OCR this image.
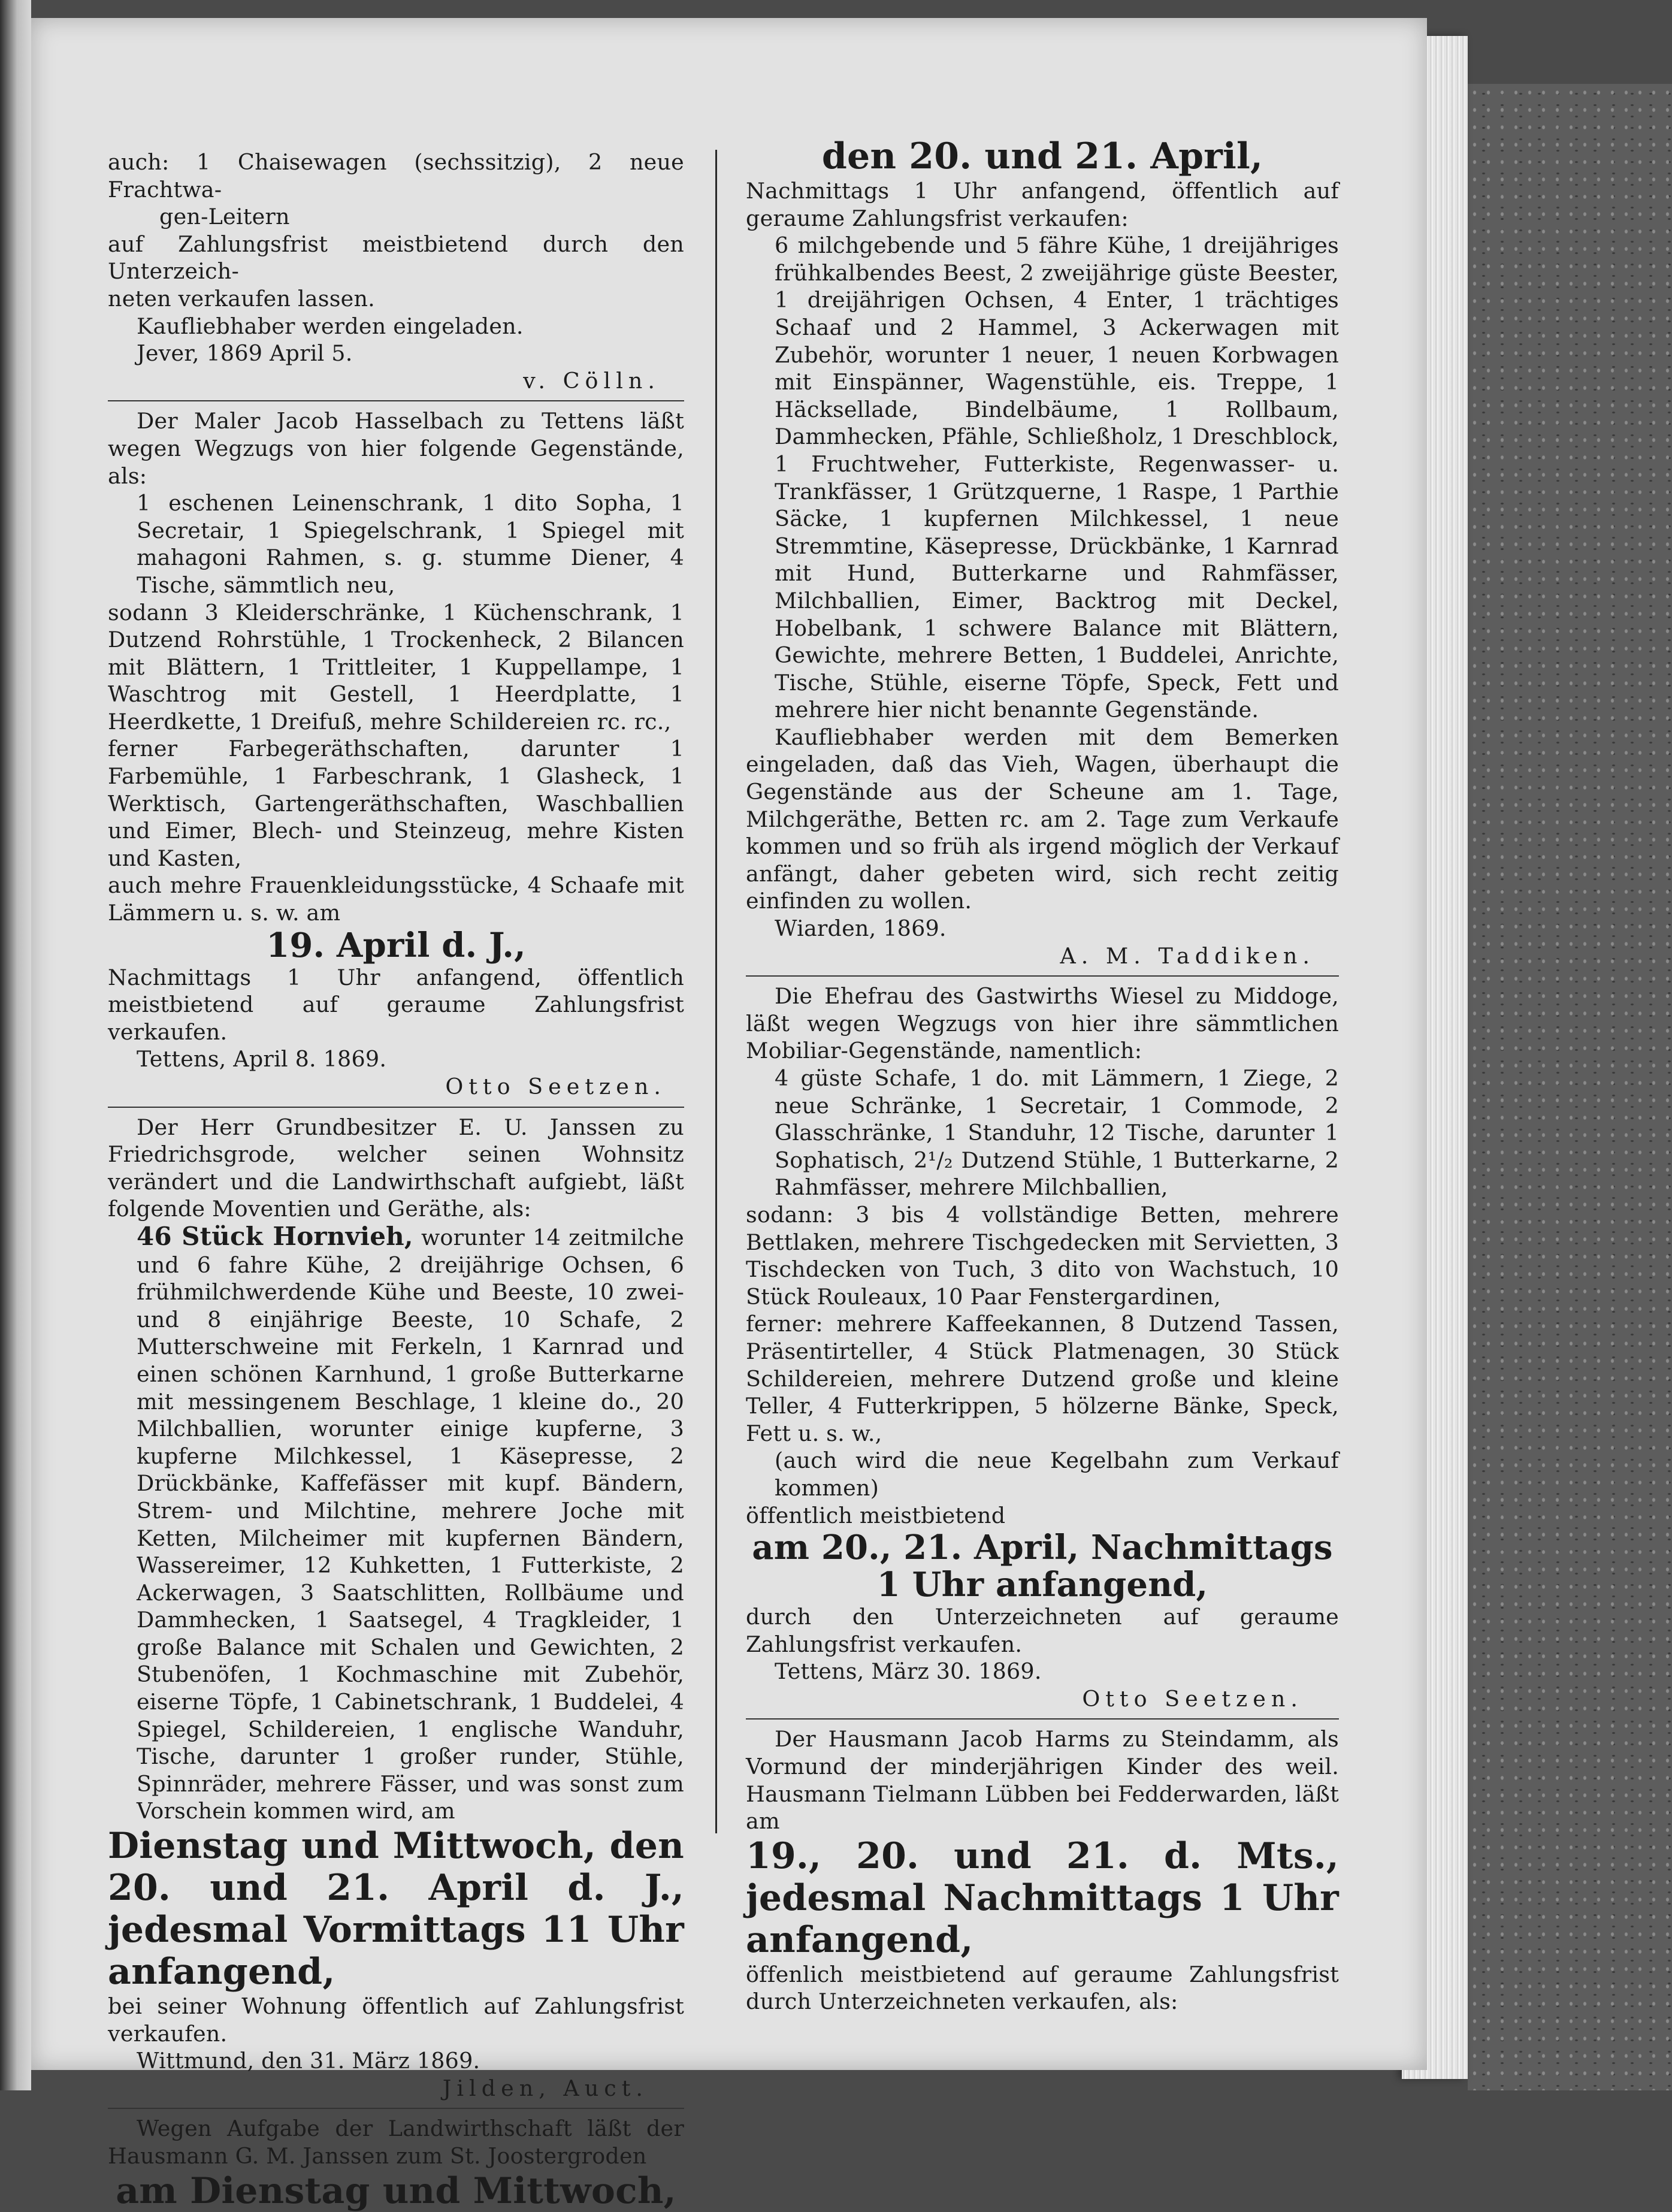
auch: 1 Chaisewagen (sechssitzig), 2 neue Frachtwa-

gen-Leitern

auf Zahlungsfrist meistbietend durch den Unterzeich-

neten verkaufen lassen.

Kaufliebhaber werden eingeladen.

Jever, 1869 April 5.

v. Cölln.

Der Maler Jacob Hasselbach zu Tettens läßt wegen Wegzugs von hier folgende Gegenstände, als:

1 eschenen Leinenschrank, 1 dito Sopha, 1 Secretair, 1 Spiegelschrank, 1 Spiegel mit mahagoni Rahmen, s. g. stumme Diener, 4 Tische, sämmtlich neu,

sodann 3 Kleiderschränke, 1 Küchenschrank, 1 Dutzend Rohrstühle, 1 Trockenheck, 2 Bilancen mit Blättern, 1 Trittleiter, 1 Kuppellampe, 1 Waschtrog mit Gestell, 1 Heerdplatte, 1 Heerdkette, 1 Dreifuß, mehre Schildereien rc. rc.,

ferner Farbegeräthschaften, darunter 1 Farbemühle, 1 Farbeschrank, 1 Glasheck, 1 Werktisch, Gartengeräthschaften, Waschballien und Eimer, Blech- und Steinzeug, mehre Kisten und Kasten,

auch mehre Frauenkleidungsstücke, 4 Schaafe mit Lämmern u. s. w. am

19. April d. J.,

Nachmittags 1 Uhr anfangend, öffentlich meistbietend auf geraume Zahlungsfrist verkaufen.

Tettens, April 8. 1869.

Otto Seetzen.

Der Herr Grundbesitzer E. U. Janssen zu Friedrichsgrode, welcher seinen Wohnsitz verändert und die Landwirthschaft aufgiebt, läßt folgende Moventien und Geräthe, als:

46 Stück Hornvieh, worunter 14 zeitmilche und 6 fahre Kühe, 2 dreijährige Ochsen, 6 frühmilchwerdende Kühe und Beeste, 10 zwei- und 8 einjährige Beeste, 10 Schafe, 2 Mutterschweine mit Ferkeln, 1 Karnrad und einen schönen Karnhund, 1 große Butterkarne mit messingenem Beschlage, 1 kleine do., 20 Milchballien, worunter einige kupferne, 3 kupferne Milchkessel, 1 Käsepresse, 2 Drückbänke, Kaffefässer mit kupf. Bändern, Strem- und Milchtine, mehrere Joche mit Ketten, Milcheimer mit kupfernen Bändern, Wassereimer, 12 Kuhketten, 1 Futterkiste, 2 Ackerwagen, 3 Saatschlitten, Rollbäume und Dammhecken, 1 Saatsegel, 4 Tragkleider, 1 große Balance mit Schalen und Gewichten, 2 Stubenöfen, 1 Kochmaschine mit Zubehör, eiserne Töpfe, 1 Cabinetschrank, 1 Buddelei, 4 Spiegel, Schildereien, 1 englische Wanduhr, Tische, darunter 1 großer runder, Stühle, Spinnräder, mehrere Fässer, und was sonst zum Vorschein kommen wird, am

Dienstag und Mittwoch, den 20. und 21. April d. J., jedesmal Vormittags 11 Uhr anfangend,

bei seiner Wohnung öffentlich auf Zahlungsfrist verkaufen.

Wittmund, den 31. März 1869.

Jilden, Auct.

Wegen Aufgabe der Landwirthschaft läßt der Hausmann G. M. Janssen zum St. Joostergroden

am Dienstag und Mittwoch,

den 20. und 21. April,

Nachmittags 1 Uhr anfangend, öffentlich auf geraume Zahlungsfrist verkaufen:

6 milchgebende und 5 fähre Kühe, 1 dreijähriges frühkalbendes Beest, 2 zweijährige güste Beester, 1 dreijährigen Ochsen, 4 Enter, 1 trächtiges Schaaf und 2 Hammel, 3 Ackerwagen mit Zubehör, worunter 1 neuer, 1 neuen Korbwagen mit Einspänner, Wagenstühle, eis. Treppe, 1 Häcksellade, Bindelbäume, 1 Rollbaum, Dammhecken, Pfähle, Schließholz, 1 Dreschblock, 1 Fruchtweher, Futterkiste, Regenwasser- u. Trankfässer, 1 Grützquerne, 1 Raspe, 1 Parthie Säcke, 1 kupfernen Milchkessel, 1 neue Stremmtine, Käsepresse, Drückbänke, 1 Karnrad mit Hund, Butterkarne und Rahmfässer, Milchballien, Eimer, Backtrog mit Deckel, Hobelbank, 1 schwere Balance mit Blättern, Gewichte, mehrere Betten, 1 Buddelei, Anrichte, Tische, Stühle, eiserne Töpfe, Speck, Fett und mehrere hier nicht benannte Gegenstände.

Kaufliebhaber werden mit dem Bemerken eingeladen, daß das Vieh, Wagen, überhaupt die Gegenstände aus der Scheune am 1. Tage, Milchgeräthe, Betten rc. am 2. Tage zum Verkaufe kommen und so früh als irgend möglich der Verkauf anfängt, daher gebeten wird, sich recht zeitig einfinden zu wollen.

Wiarden, 1869.

A. M. Taddiken.

Die Ehefrau des Gastwirths Wiesel zu Middoge, läßt wegen Wegzugs von hier ihre sämmtlichen Mobiliar-Gegenstände, namentlich:

4 güste Schafe, 1 do. mit Lämmern, 1 Ziege, 2 neue Schränke, 1 Secretair, 1 Commode, 2 Glasschränke, 1 Standuhr, 12 Tische, darunter 1 Sophatisch, 2¹/₂ Dutzend Stühle, 1 Butterkarne, 2 Rahmfässer, mehrere Milchballien,

sodann: 3 bis 4 vollständige Betten, mehrere Bettlaken, mehrere Tischgedecken mit Servietten, 3 Tischdecken von Tuch, 3 dito von Wachstuch, 10 Stück Rouleaux, 10 Paar Fenstergardinen,

ferner: mehrere Kaffeekannen, 8 Dutzend Tassen, Präsentirteller, 4 Stück Platmenagen, 30 Stück Schildereien, mehrere Dutzend große und kleine Teller, 4 Futterkrippen, 5 hölzerne Bänke, Speck, Fett u. s. w.,

(auch wird die neue Kegelbahn zum Verkauf kommen)

öffentlich meistbietend

am 20., 21. April, Nachmittags 1 Uhr anfangend,

durch den Unterzeichneten auf geraume Zahlungsfrist verkaufen.

Tettens, März 30. 1869.

Otto Seetzen.

Der Hausmann Jacob Harms zu Steindamm, als Vormund der minderjährigen Kinder des weil. Hausmann Tielmann Lübben bei Fedderwarden, läßt am

19., 20. und 21. d. Mts., jedesmal Nachmittags 1 Uhr anfangend,

öffenlich meistbietend auf geraume Zahlungsfrist durch Unterzeichneten verkaufen, als:
